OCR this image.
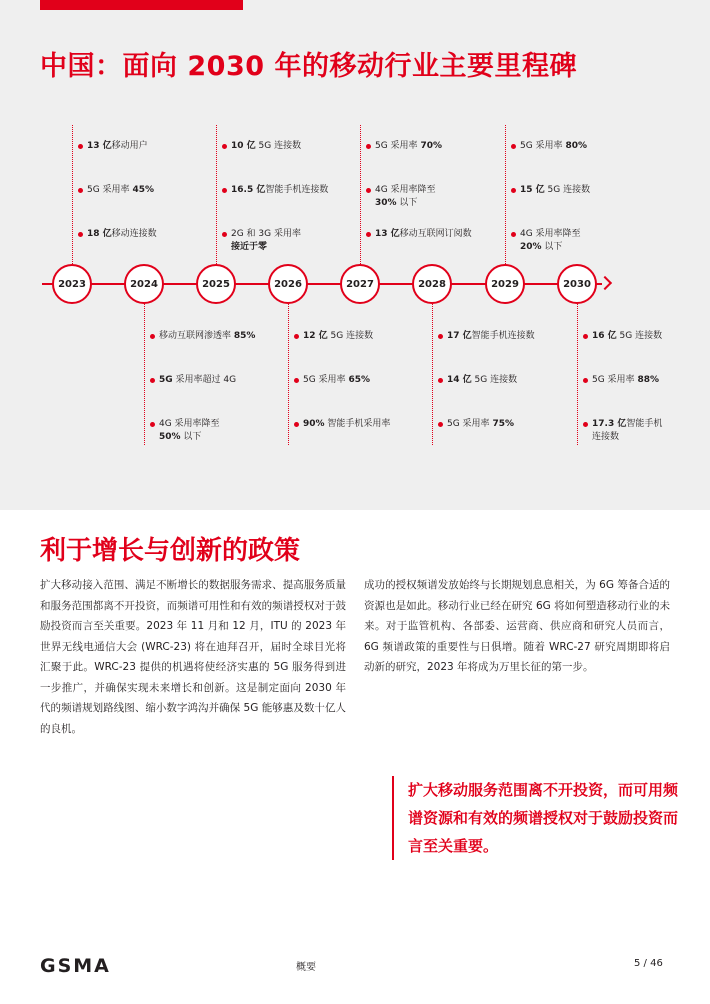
中国：面向 2030 年的移动行业主要里程碑
2023
13 亿移动用户
5G 采用率 45%
18 亿移动连接数
2024
移动互联网渗透率 85%
5G 采用率超过 4G
4G 采用率降至
50% 以下
2025
10 亿 5G 连接数
16.5 亿智能手机连接数
2G 和 3G 采用率
接近于零
2026
12 亿 5G 连接数
5G 采用率 65%
90% 智能手机采用率
2027
5G 采用率 70%
4G 采用率降至
30% 以下
13 亿移动互联网订阅数
2028
17 亿智能手机连接数
14 亿 5G 连接数
5G 采用率 75%
2029
5G 采用率 80%
15 亿 5G 连接数
4G 采用率降至
20% 以下
2030
16 亿 5G 连接数
5G 采用率 88%
17.3 亿智能手机
连接数
利于增长与创新的政策
扩大移动接入范围、满足不断增长的数据服务需求、提高服务质量和服务范围都离不开投资，而频谱可用性和有效的频谱授权对于鼓励投资而言至关重要。2023 年 11 月和 12 月，ITU 的 2023 年世界无线电通信大会 (WRC-23) 将在迪拜召开，届时全球目光将汇聚于此。WRC-23 提供的机遇将使经济实惠的 5G 服务得到进一步推广，并确保实现未来增长和创新。这是制定面向 2030 年代的频谱规划路线图、缩小数字鸿沟并确保 5G 能够惠及数十亿人的良机。
成功的授权频谱发放始终与长期规划息息相关，为 6G 筹备合适的资源也是如此。移动行业已经在研究 6G 将如何塑造移动行业的未来。对于监管机构、各部委、运营商、供应商和研究人员而言，6G 频谱政策的重要性与日俱增。随着 WRC-27 研究周期即将启动新的研究，2023 年将成为万里长征的第一步。
扩大移动服务范围离不开投资，而可用频谱资源和有效的频谱授权对于鼓励投资而言至关重要。
GSMA	概要	5 / 46
